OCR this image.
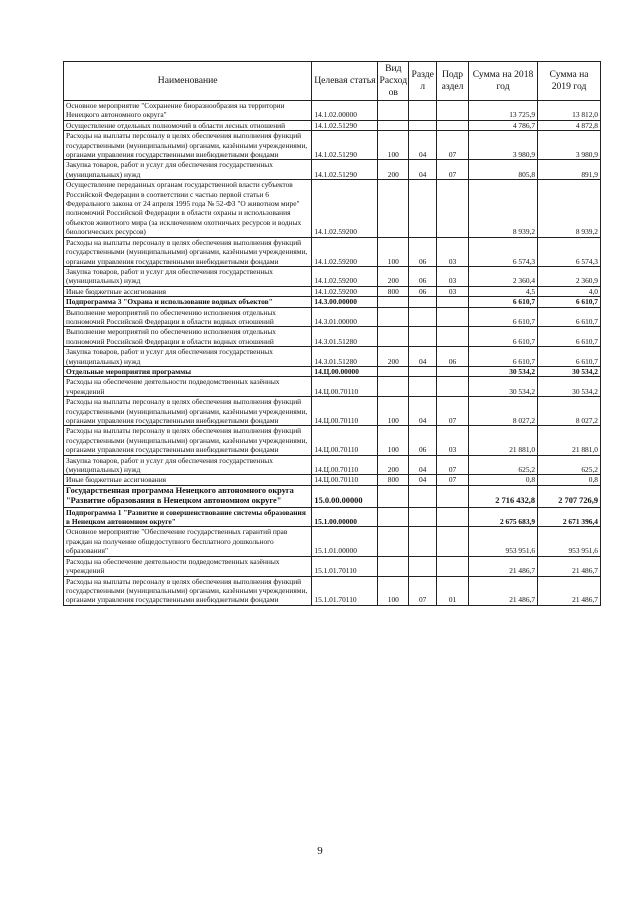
Наименование	Целевая статья	Вид Расход ов	Разде л	Подр аздел	Сумма на 2018 год	Сумма на 2019 год
Основное мероприятие "Сохранение биоразнообразия на территории Ненецкого автономного округа"	14.1.02.00000				13 725,9	13 812,0
Осуществление отдельных полномочий в области лесных отношений	14.1.02.51290				4 786,7	4 872,8
Расходы на выплаты персоналу в целях обеспечения выполнения функций государственными (муниципальными) органами, казёнными учреждениями, органами управления государственными внебюджетными фондами	14.1.02.51290	100	04	07	3 980,9	3 980,9
Закупка товаров, работ и услуг для обеспечения государственных (муниципальных) нужд	14.1.02.51290	200	04	07	805,8	891,9
Осуществление переданных органам государственной власти субъектов Российской Федерации в соответствии с частью первой статьи 6 Федерального закона от 24 апреля 1995 года № 52-ФЗ "О животном мире" полномочий Российской Федерации в области охраны и использования объектов животного мира (за исключением охотничьих ресурсов и водных биологических ресурсов)	14.1.02.59200				8 939,2	8 939,2
Расходы на выплаты персоналу в целях обеспечения выполнения функций государственными (муниципальными) органами, казёнными учреждениями, органами управления государственными внебюджетными фондами	14.1.02.59200	100	06	03	6 574,3	6 574,3
Закупка товаров, работ и услуг для обеспечения государственных (муниципальных) нужд	14.1.02.59200	200	06	03	2 360,4	2 360,9
Иные бюджетные ассигнования	14.1.02.59200	800	06	03	4,5	4,0
Подпрограмма 3 "Охрана и использование водных объектов"	14.3.00.00000				6 610,7	6 610,7
Выполнение мероприятий по обеспечению исполнения отдельных полномочий Российской Федерации в области водных отношений	14.3.01.00000				6 610,7	6 610,7
Выполнение мероприятий по обеспечению исполнения отдельных полномочий Российской Федерации в области водных отношений	14.3.01.51280				6 610,7	6 610,7
Закупка товаров, работ и услуг для обеспечения государственных (муниципальных) нужд	14.3.01.51280	200	04	06	6 610,7	6 610,7
Отдельные мероприятия программы	14.Ц.00.00000				30 534,2	30 534,2
Расходы на обеспечение деятельности подведомственных казённых учреждений	14.Ц.00.70110				30 534,2	30 534,2
Расходы на выплаты персоналу в целях обеспечения выполнения функций государственными (муниципальными) органами, казёнными учреждениями, органами управления государственными внебюджетными фондами	14.Ц.00.70110	100	04	07	8 027,2	8 027,2
Расходы на выплаты персоналу в целях обеспечения выполнения функций государственными (муниципальными) органами, казёнными учреждениями, органами управления государственными внебюджетными фондами	14.Ц.00.70110	100	06	03	21 881,0	21 881,0
Закупка товаров, работ и услуг для обеспечения государственных (муниципальных) нужд	14.Ц.00.70110	200	04	07	625,2	625,2
Иные бюджетные ассигнования	14.Ц.00.70110	800	04	07	0,8	0,8
Государственная программа Ненецкого автономного округа "Развитие образования в Ненецком автономном округе"	15.0.00.00000				2 716 432,8	2 707 726,9
Подпрограмма 1 "Развитие и совершенствование системы образования в Ненецком автономном округе"	15.1.00.00000				2 675 683,9	2 671 396,4
Основное мероприятие "Обеспечение государственных гарантий прав граждан на получение общедоступного бесплатного дошкольного образования"	15.1.01.00000				953 951,6	953 951,6
Расходы на обеспечение деятельности подведомственных казённых учреждений	15.1.01.70110				21 486,7	21 486,7
Расходы на выплаты персоналу в целях обеспечения выполнения функций государственными (муниципальными) органами, казёнными учреждениями, органами управления государственными внебюджетными фондами	15.1.01.70110	100	07	01	21 486,7	21 486,7
9
